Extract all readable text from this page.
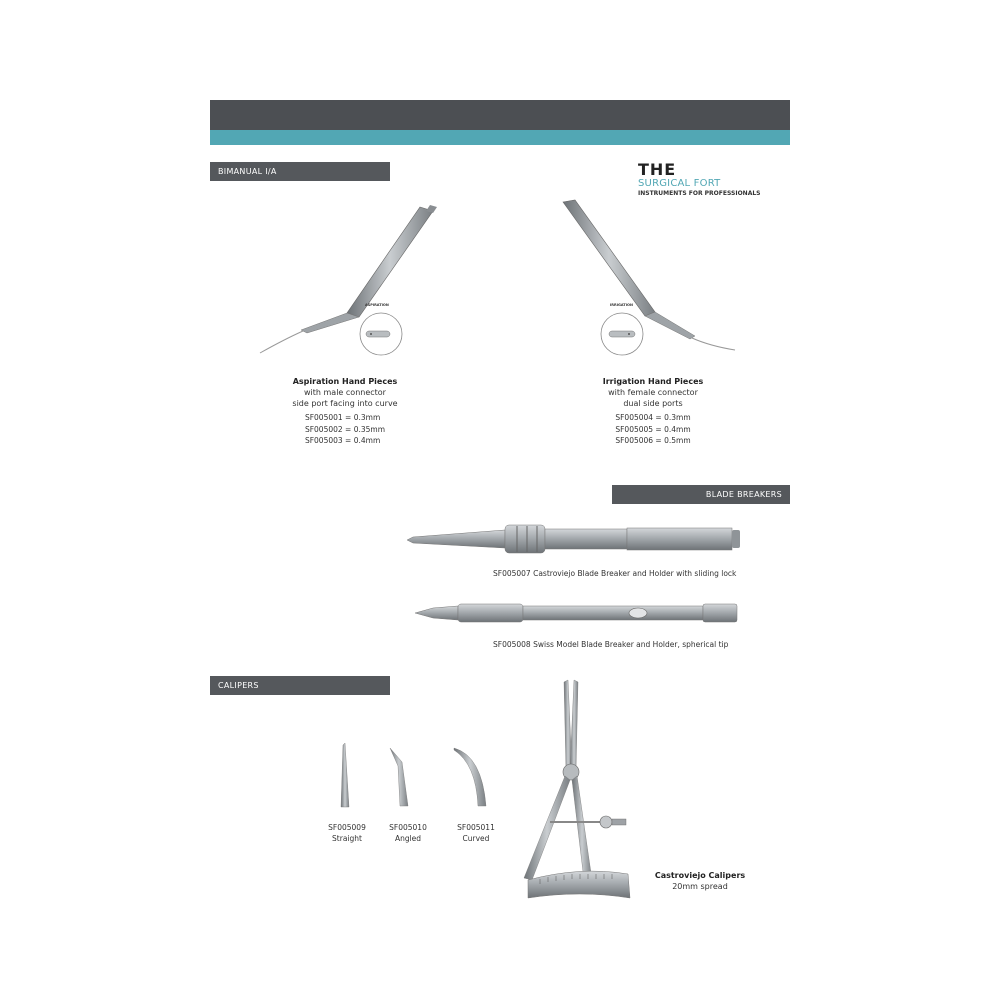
THE
SURGICAL FORT
INSTRUMENTS FOR PROFESSIONALS
BIMANUAL I/A
ASPIRATION
Aspiration Hand Pieces
with male connector
side port facing into curve
SF005001 = 0.3mm
SF005002 = 0.35mm
SF005003 = 0.4mm
IRRIGATION
Irrigation Hand Pieces
with female connector
dual side ports
SF005004 = 0.3mm
SF005005 = 0.4mm
SF005006 = 0.5mm
BLADE BREAKERS
SF005007 Castroviejo Blade Breaker and Holder with sliding lock
SF005008 Swiss Model Blade Breaker and Holder, spherical tip
CALIPERS
SF005009
Straight
SF005010
Angled
SF005011
Curved
Castroviejo Calipers
20mm spread
